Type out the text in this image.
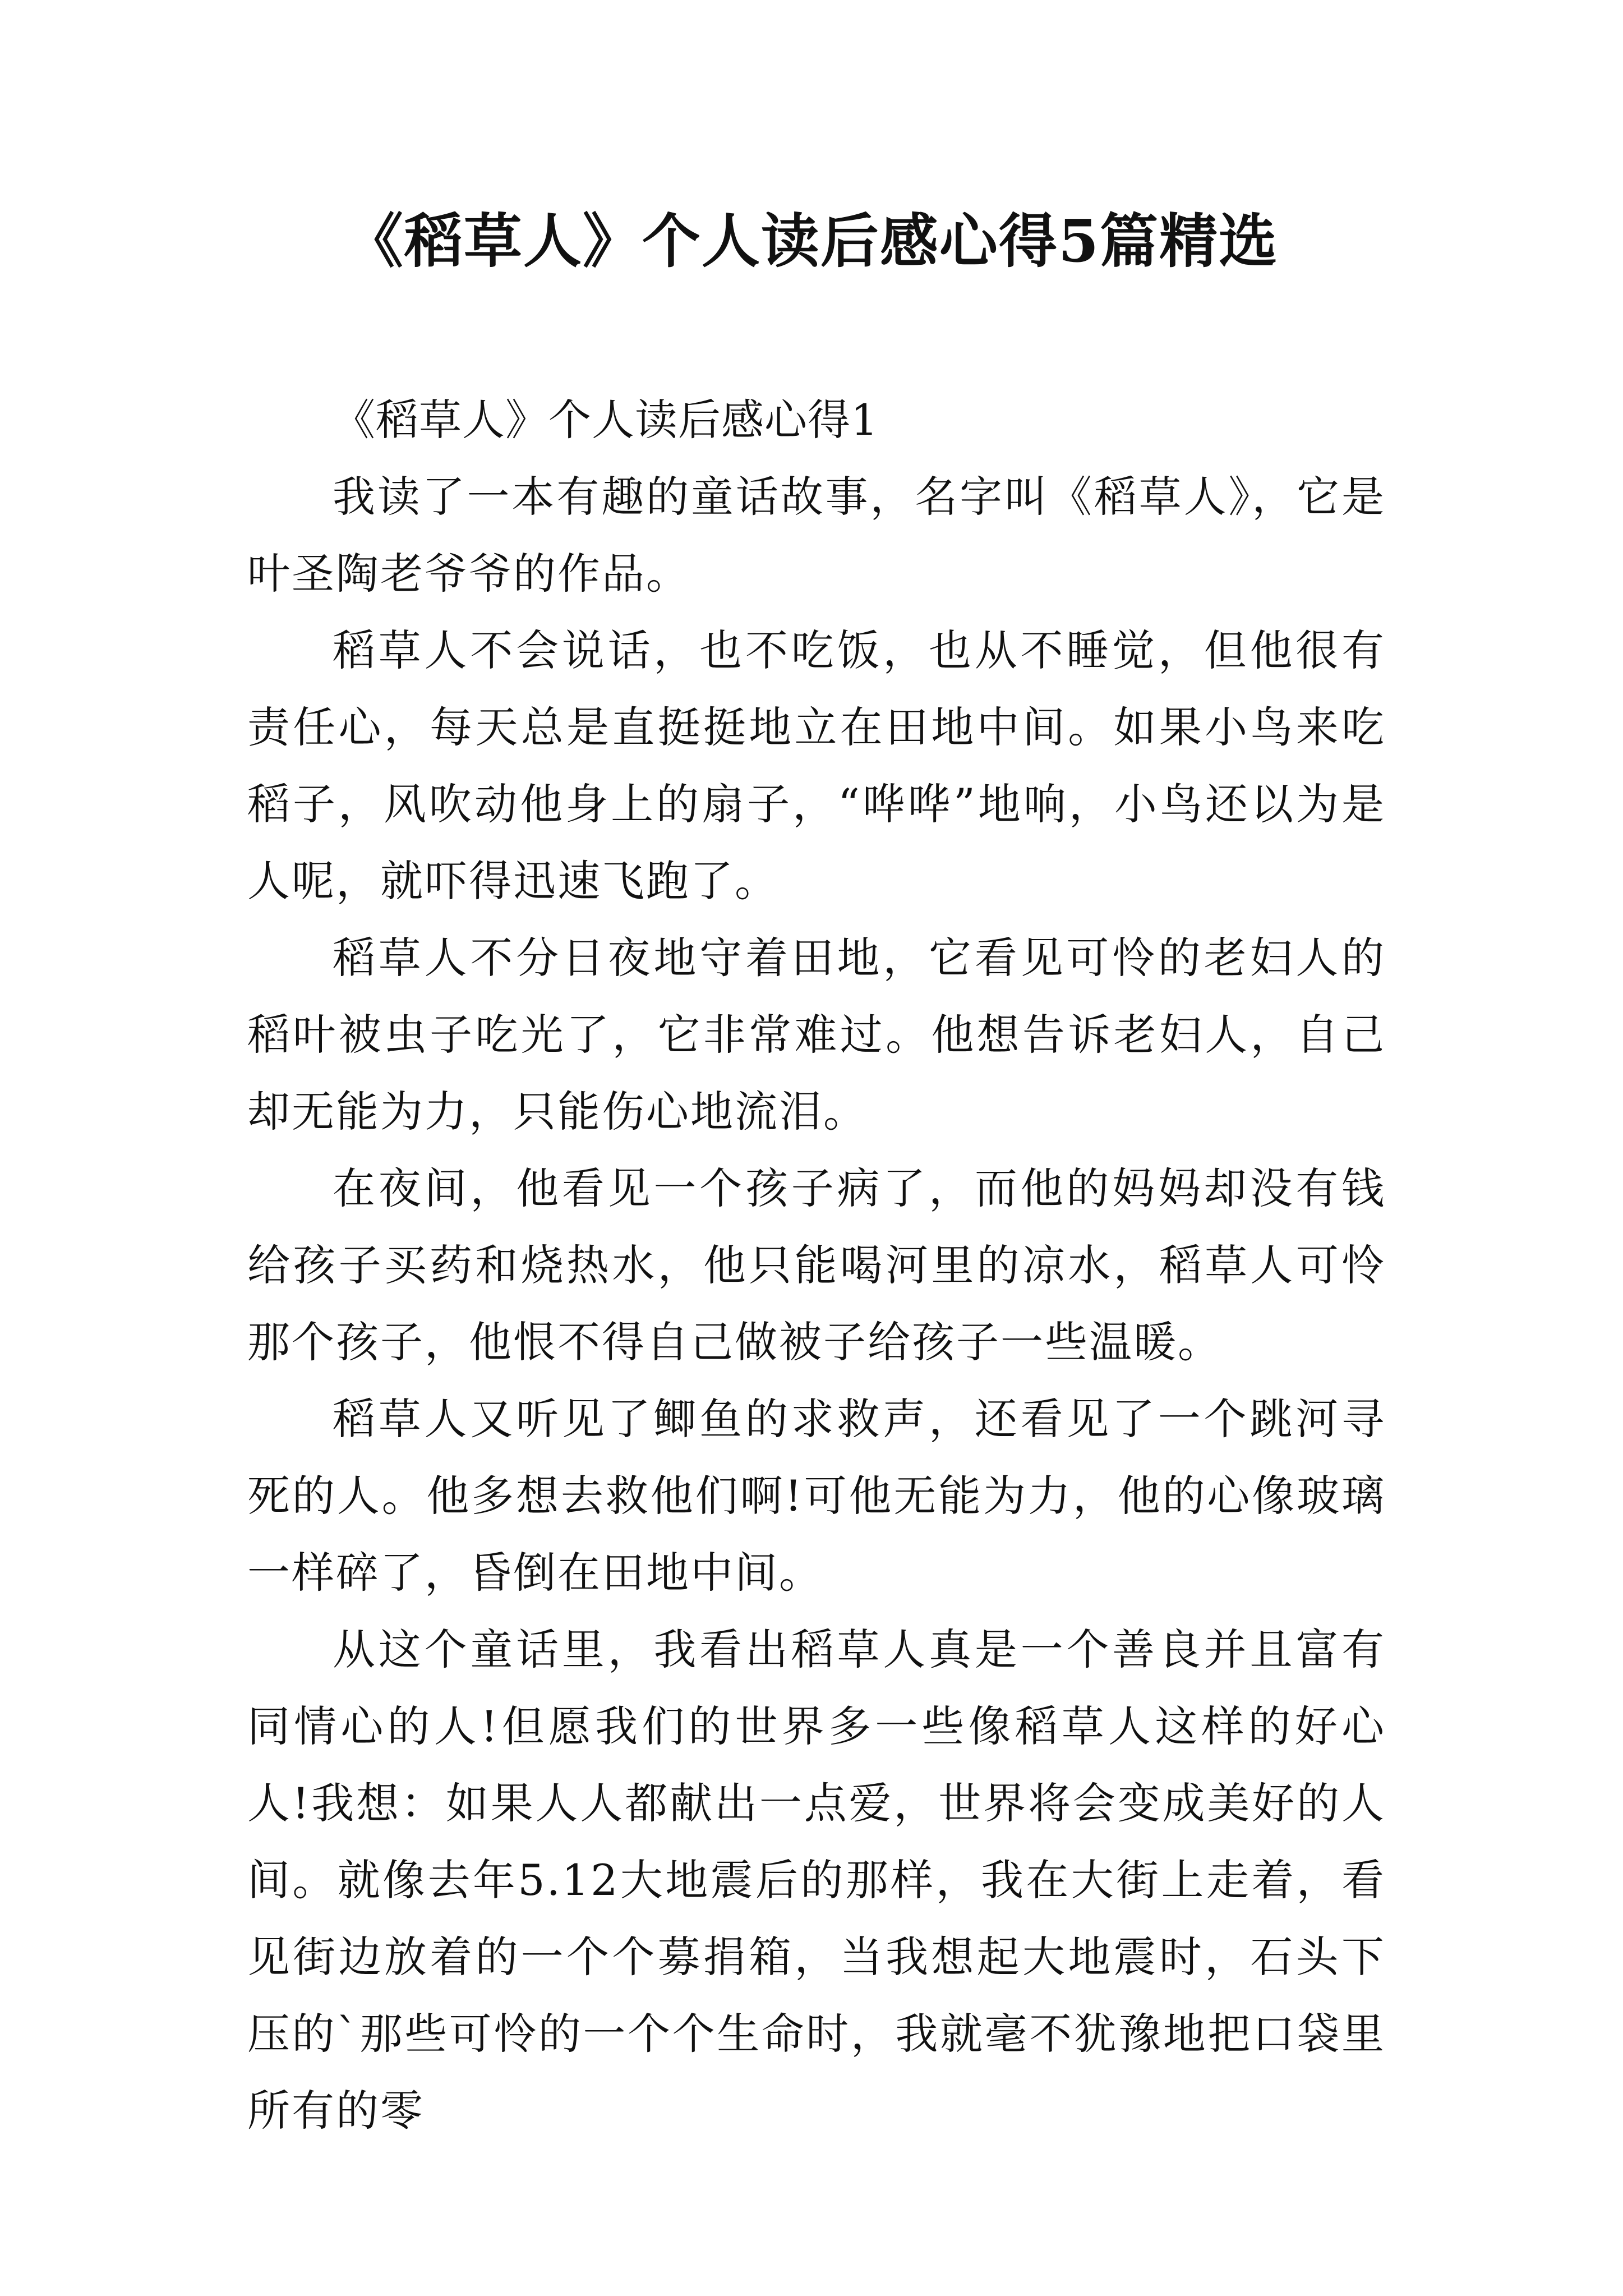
《稻草人》个人读后感心得5篇精选

《稻草人》个人读后感心得1

我读了一本有趣的童话故事，名字叫《稻草人》，它是叶圣陶老爷爷的作品。

稻草人不会说话，也不吃饭，也从不睡觉，但他很有责任心，每天总是直挺挺地立在田地中间。如果小鸟来吃稻子，风吹动他身上的扇子，“哗哗”地响，小鸟还以为是人呢，就吓得迅速飞跑了。

稻草人不分日夜地守着田地，它看见可怜的老妇人的稻叶被虫子吃光了，它非常难过。他想告诉老妇人，自己却无能为力，只能伤心地流泪。

在夜间，他看见一个孩子病了，而他的妈妈却没有钱给孩子买药和烧热水，他只能喝河里的凉水，稻草人可怜那个孩子，他恨不得自己做被子给孩子一些温暖。

稻草人又听见了鲫鱼的求救声，还看见了一个跳河寻死的人。他多想去救他们啊!可他无能为力，他的心像玻璃一样碎了，昏倒在田地中间。

从这个童话里，我看出稻草人真是一个善良并且富有同情心的人!但愿我们的世界多一些像稻草人这样的好心人!我想：如果人人都献出一点爱，世界将会变成美好的人间。就像去年5.12大地震后的那样，我在大街上走着，看见街边放着的一个个募捐箱，当我想起大地震时，石头下压的`那些可怜的一个个生命时，我就毫不犹豫地把口袋里所有的零
